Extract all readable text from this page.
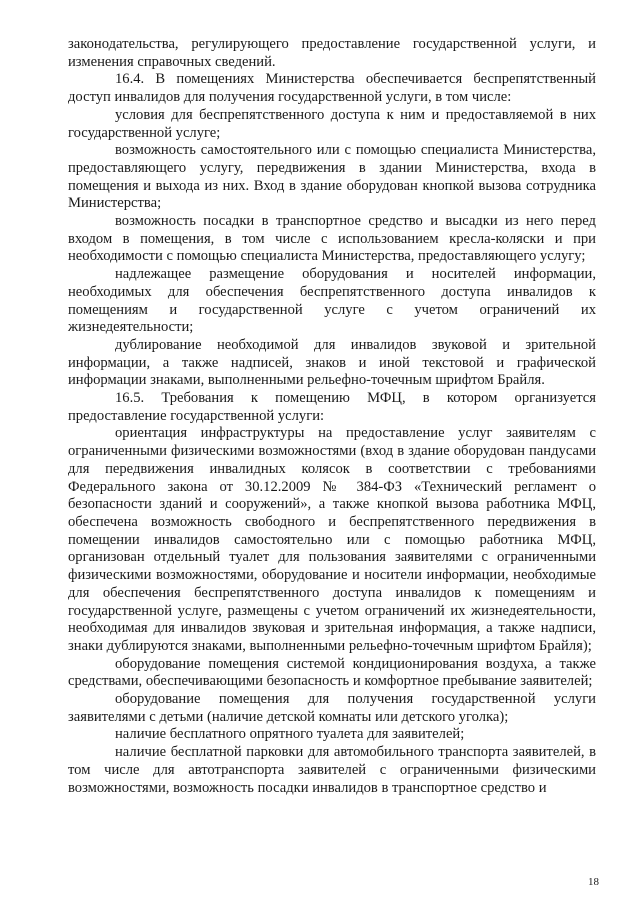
законодательства, регулирующего предоставление государственной услуги, и изменения справочных сведений.

16.4. В помещениях Министерства обеспечивается беспрепятственный доступ инвалидов для получения государственной услуги, в том числе:

условия для беспрепятственного доступа к ним и предоставляемой в них государственной услуге;

возможность самостоятельного или с помощью специалиста Министерства, предоставляющего услугу, передвижения в здании Министерства, входа в помещения и выхода из них. Вход в здание оборудован кнопкой вызова сотрудника Министерства;

возможность посадки в транспортное средство и высадки из него перед входом в помещения, в том числе с использованием кресла-коляски и при необходимости с помощью специалиста Министерства, предоставляющего услугу;

надлежащее размещение оборудования и носителей информации, необходимых для обеспечения беспрепятственного доступа инвалидов к помещениям и государственной услуге с учетом ограничений их жизнедеятельности;

дублирование необходимой для инвалидов звуковой и зрительной информации, а также надписей, знаков и иной текстовой и графической информации знаками, выполненными рельефно-точечным шрифтом Брайля.

16.5. Требования к помещению МФЦ, в котором организуется предоставление государственной услуги:

ориентация инфраструктуры на предоставление услуг заявителям с ограниченными физическими возможностями (вход в здание оборудован пандусами для передвижения инвалидных колясок в соответствии с требованиями Федерального закона от 30.12.2009 № 384-ФЗ «Технический регламент о безопасности зданий и сооружений», а также кнопкой вызова работника МФЦ, обеспечена возможность свободного и беспрепятственного передвижения в помещении инвалидов самостоятельно или с помощью работника МФЦ, организован отдельный туалет для пользования заявителями с ограниченными физическими возможностями, оборудование и носители информации, необходимые для обеспечения беспрепятственного доступа инвалидов к помещениям и государственной услуге, размещены с учетом ограничений их жизнедеятельности, необходимая для инвалидов звуковая и зрительная информация, а также надписи, знаки дублируются знаками, выполненными рельефно-точечным шрифтом Брайля);

оборудование помещения системой кондиционирования воздуха, а также средствами, обеспечивающими безопасность и комфортное пребывание заявителей;

оборудование помещения для получения государственной услуги заявителями с детьми (наличие детской комнаты или детского уголка);

наличие бесплатного опрятного туалета для заявителей;

наличие бесплатной парковки для автомобильного транспорта заявителей, в том числе для автотранспорта заявителей с ограниченными физическими возможностями, возможность посадки инвалидов в транспортное средство и

18
